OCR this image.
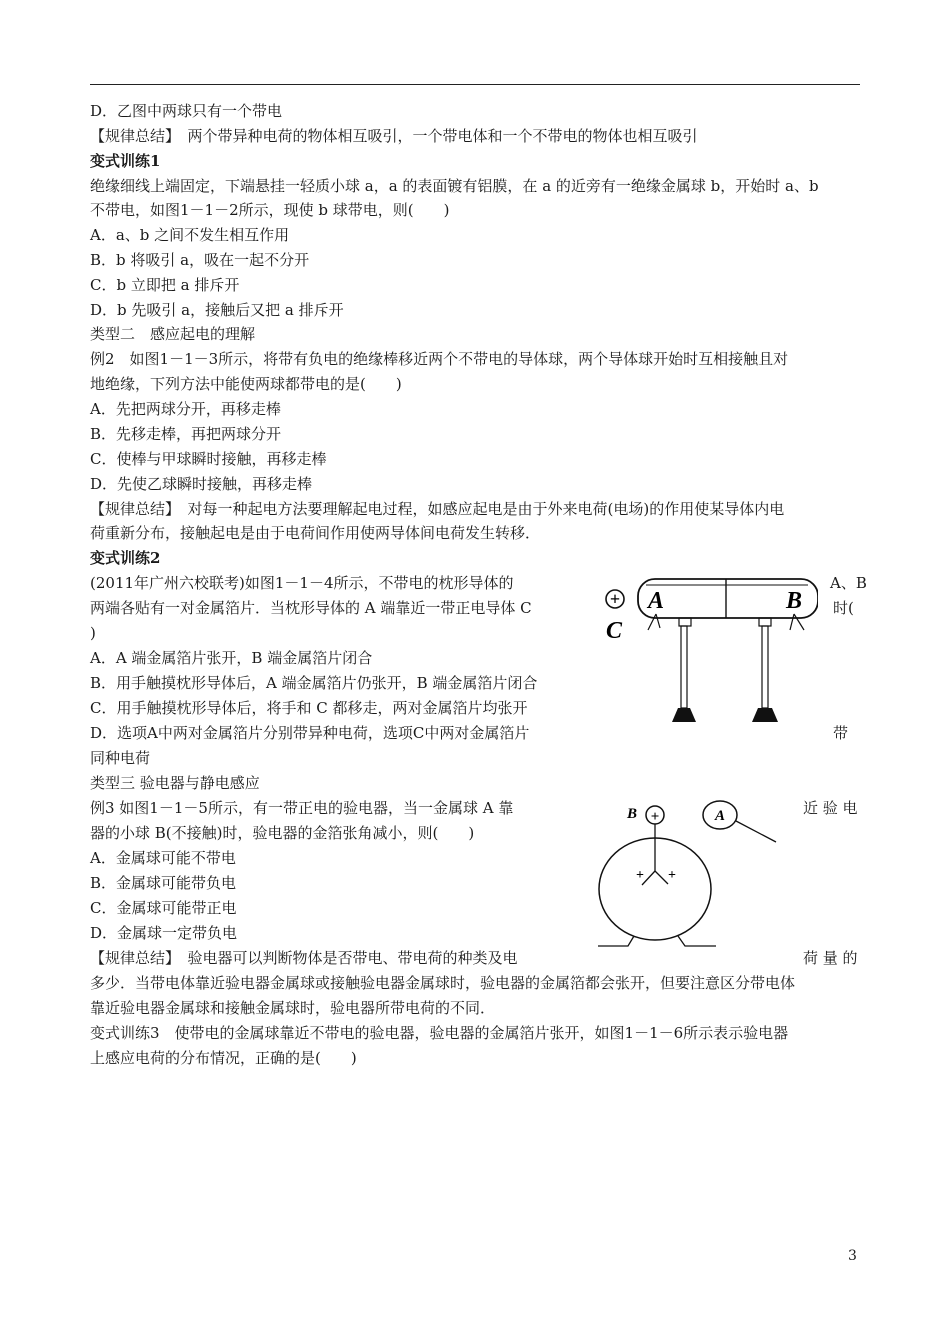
D．乙图中两球只有一个带电
【规律总结】　两个带异种电荷的物体相互吸引，一个带电体和一个不带电的物体也相互吸引
变式训练1
绝缘细线上端固定，下端悬挂一轻质小球 a，a 的表面镀有铝膜，在 a 的近旁有一绝缘金属球 b，开始时 a、b
不带电，如图1－1－2所示，现使 b 球带电，则(　　)
A．a、b 之间不发生相互作用
B．b 将吸引 a，吸在一起不分开
C．b 立即把 a 排斥开
D．b 先吸引 a，接触后又把 a 排斥开
类型二　感应起电的理解
例2　如图1－1－3所示，将带有负电的绝缘棒移近两个不带电的导体球，两个导体球开始时互相接触且对
地绝缘，下列方法中能使两球都带电的是(　　)
A．先把两球分开，再移走棒
B．先移走棒，再把两球分开
C．使棒与甲球瞬时接触，再移走棒
D．先使乙球瞬时接触，再移走棒
【规律总结】　对每一种起电方法要理解起电过程，如感应起电是由于外来电荷(电场)的作用使某导体内电
荷重新分布，接触起电是由于电荷间作用使两导体间电荷发生转移．
变式训练2
(2011年广州六校联考)如图1－1－4所示，不带电的枕形导体的
两端各贴有一对金属箔片．当枕形导体的 A 端靠近一带正电导体 C
)
A．A 端金属箔片张开，B 端金属箔片闭合
B．用手触摸枕形导体后，A 端金属箔片仍张开，B 端金属箔片闭合
C．用手触摸枕形导体后，将手和 C 都移走，两对金属箔片均张开
D．选项A中两对金属箔片分别带异种电荷，选项C中两对金属箔片
同种电荷
类型三 验电器与静电感应
例3 如图1－1－5所示，有一带正电的验电器，当一金属球 A 靠
器的小球 B(不接触)时，验电器的金箔张角减小，则(　　)
A．金属球可能不带电
B．金属球可能带负电
C．金属球可能带正电
D．金属球一定带负电
【规律总结】　验电器可以判断物体是否带电、带电荷的种类及电
多少．当带电体靠近验电器金属球或接触验电器金属球时，验电器的金属箔都会张开，但要注意区分带电体
靠近验电器金属球和接触金属球时，验电器所带电荷的不同．
变式训练3　使带电的金属球靠近不带电的验电器，验电器的金属箔片张开，如图1－1－6所示表示验电器
上感应电荷的分布情况，正确的是(　　)
A、B
时(
带
近 验 电
荷 量 的
+
C
A	B
B +
+ +
A
3
